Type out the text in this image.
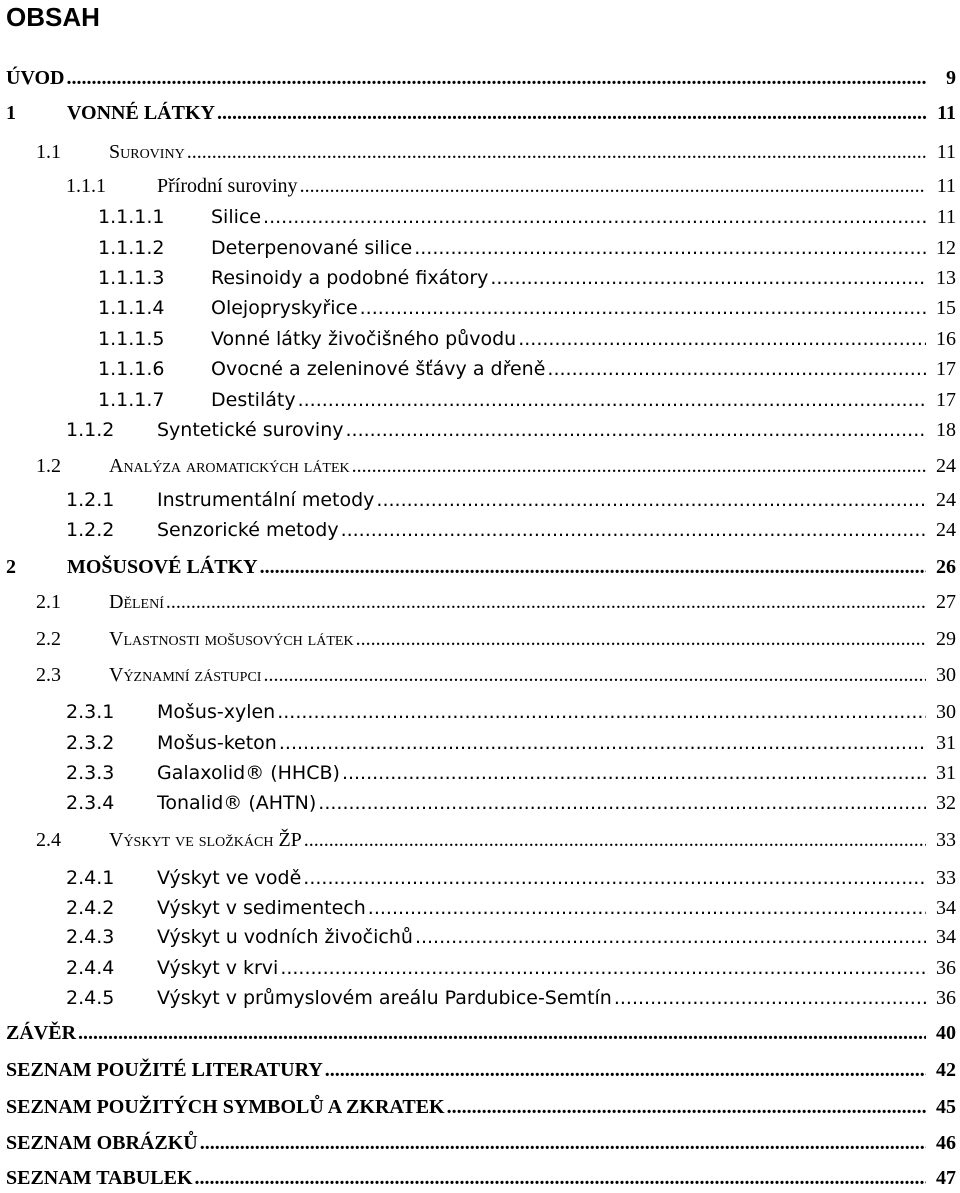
OBSAH
ÚVOD .....	9
1	VONNÉ LÁTKY .....	11
1.1 Suroviny .....	11
1.1.1	Přírodní suroviny .....	11
1.1.1.1 Silice .....	11
1.1.1.2 Deterpenované silice .....	12
1.1.1.3 Resinoidy a podobné fixátory .....	13
1.1.1.4 Olejopryskyřice .....	15
1.1.1.5 Vonné látky živočišného původu .....	16
1.1.1.6 Ovocné a zeleninové šťávy a dřeně .....	17
1.1.1.7 Destiláty .....	17
1.1.2 Syntetické suroviny .....	18
1.2 Analýza aromatických látek .....	24
1.2.1 Instrumentální metody .....	24
1.2.2 Senzorické metody .....	24
2	MOŠUSOVÉ LÁTKY .....	26
2.1 Dělení .....	27
2.2 Vlastnosti mošusových látek .....	29
2.3 Významní zástupci .....	30
2.3.1 Mošus-xylen .....	30
2.3.2 Mošus-keton .....	31
2.3.3 Galaxolid® (HHCB) .....	31
2.3.4 Tonalid® (AHTN) .....	32
2.4 Výskyt ve složkách ŽP .....	33
2.4.1 Výskyt ve vodě .....	33
2.4.2 Výskyt v sedimentech .....	34
2.4.3 Výskyt u vodních živočichů .....	34
2.4.4 Výskyt v krvi .....	36
2.4.5 Výskyt v průmyslovém areálu Pardubice-Semtín .....	36
ZÁVĚR .....	40
SEZNAM POUŽITÉ LITERATURY .....	42
SEZNAM POUŽITÝCH SYMBOLŮ A ZKRATEK .....	45
SEZNAM OBRÁZKŮ .....	46
SEZNAM TABULEK .....	47
